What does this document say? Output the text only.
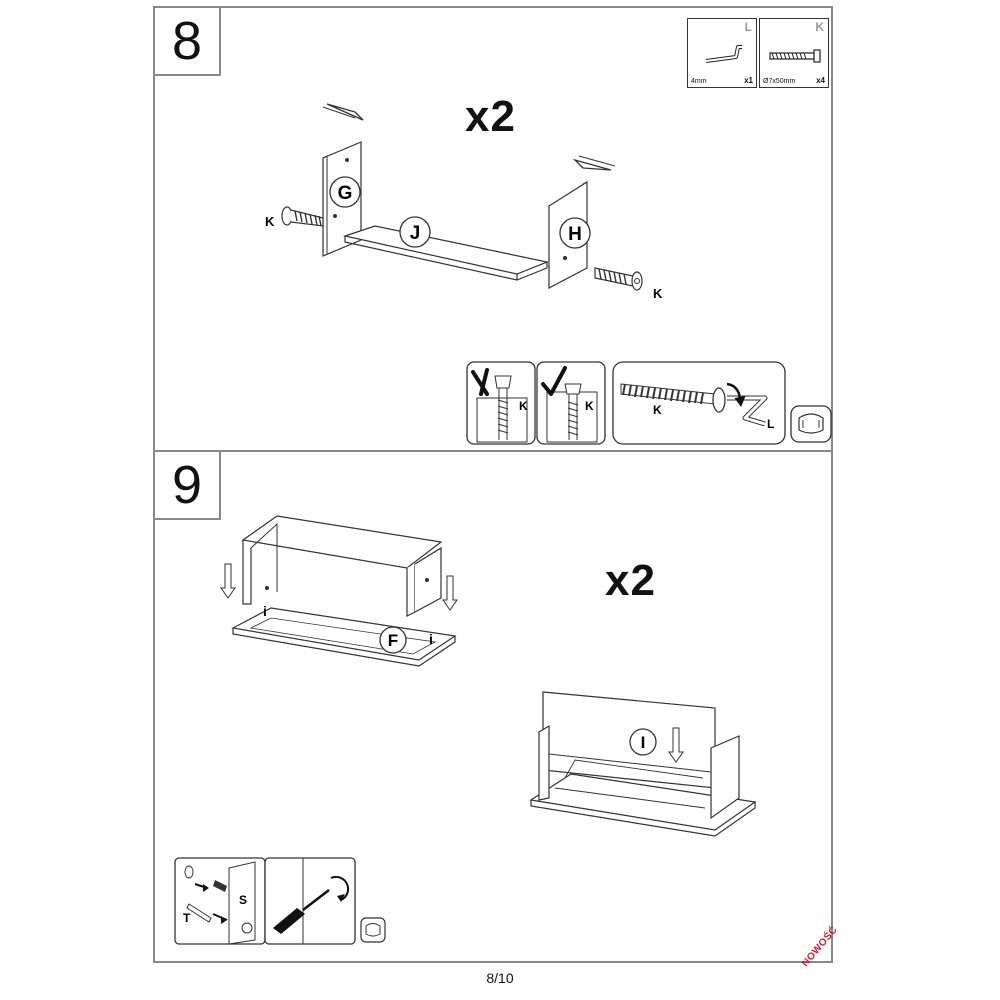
8	L
4mm	x1
K
Ø7x50mm	x4
x2
G
J	H
K
K
K	K	K
L
9
x2
F
i
i
I
S
T
8/10
NOWOŚĆ
